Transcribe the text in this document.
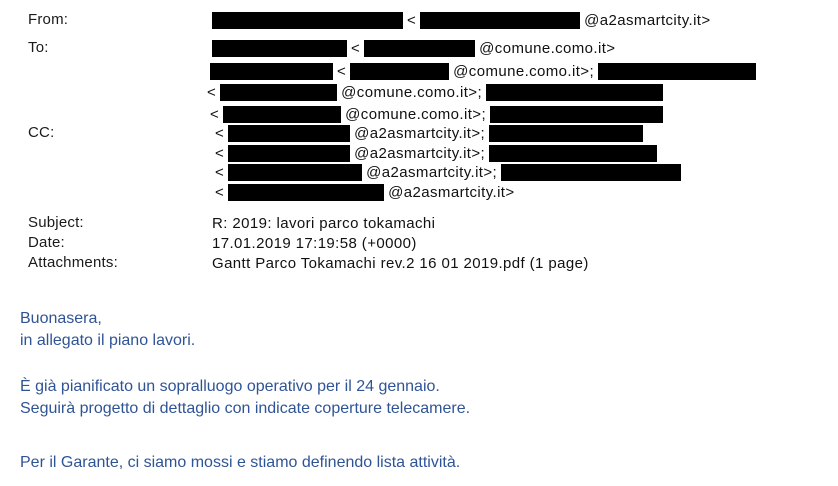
From:	<	@a2asmartcity.it>
To:	<	@comune.como.it>
<	@comune.como.it>;
<	@comune.como.it>;
<	@comune.como.it>;
CC:	<	@a2asmartcity.it>;
<	@a2asmartcity.it>;
<	@a2asmartcity.it>;
<	@a2asmartcity.it>
Subject:	R: 2019: lavori parco tokamachi
Date:	17.01.2019 17:19:58 (+0000)
Attachments:	Gantt Parco Tokamachi rev.2 16 01 2019.pdf (1 page)
Buonasera,
in allegato il piano lavori.
È già pianificato un sopralluogo operativo per il 24 gennaio.
Seguirà progetto di dettaglio con indicate coperture telecamere.
Per il Garante, ci siamo mossi e stiamo definendo lista attività.
